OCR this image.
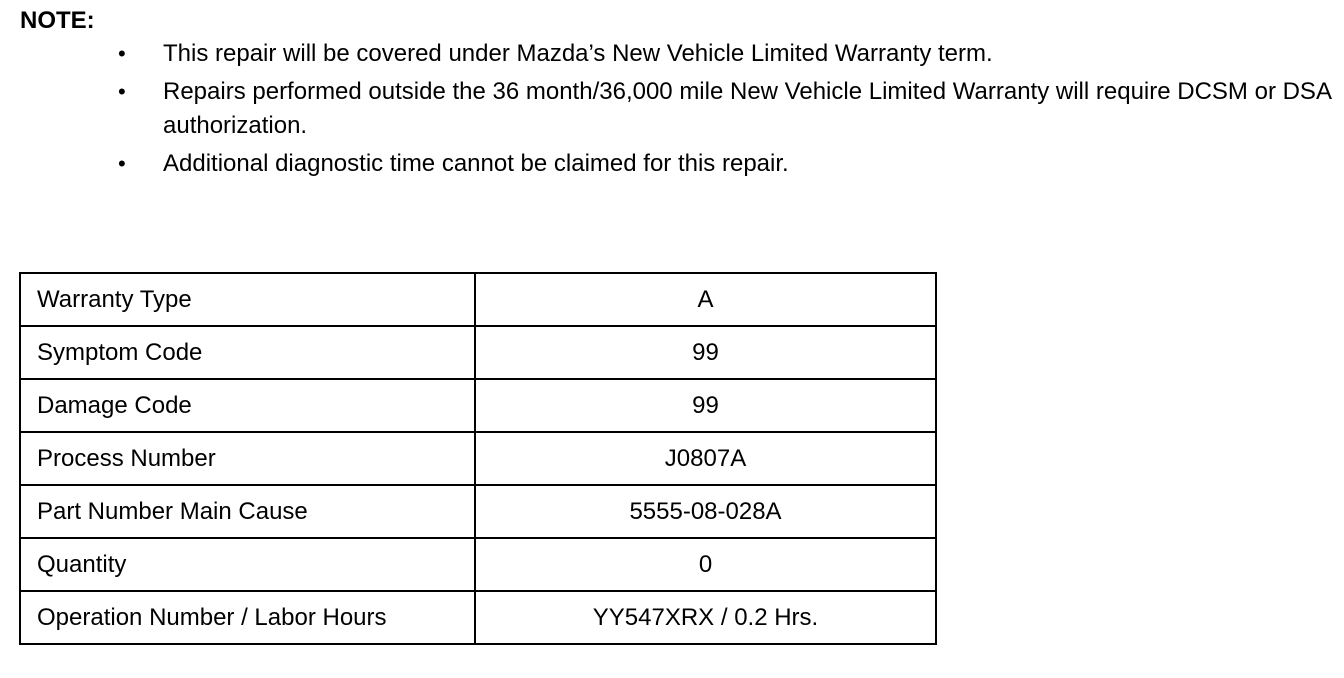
NOTE:
• This repair will be covered under Mazda’s New Vehicle Limited Warranty term.
• Repairs performed outside the 36 month/36,000 mile New Vehicle Limited Warranty will require DCSM or DSA authorization.
• Additional diagnostic time cannot be claimed for this repair.
Warranty Type	A
Symptom Code	99
Damage Code	99
Process Number	J0807A
Part Number Main Cause	5555-08-028A
Quantity	0
Operation Number / Labor Hours	YY547XRX / 0.2 Hrs.
